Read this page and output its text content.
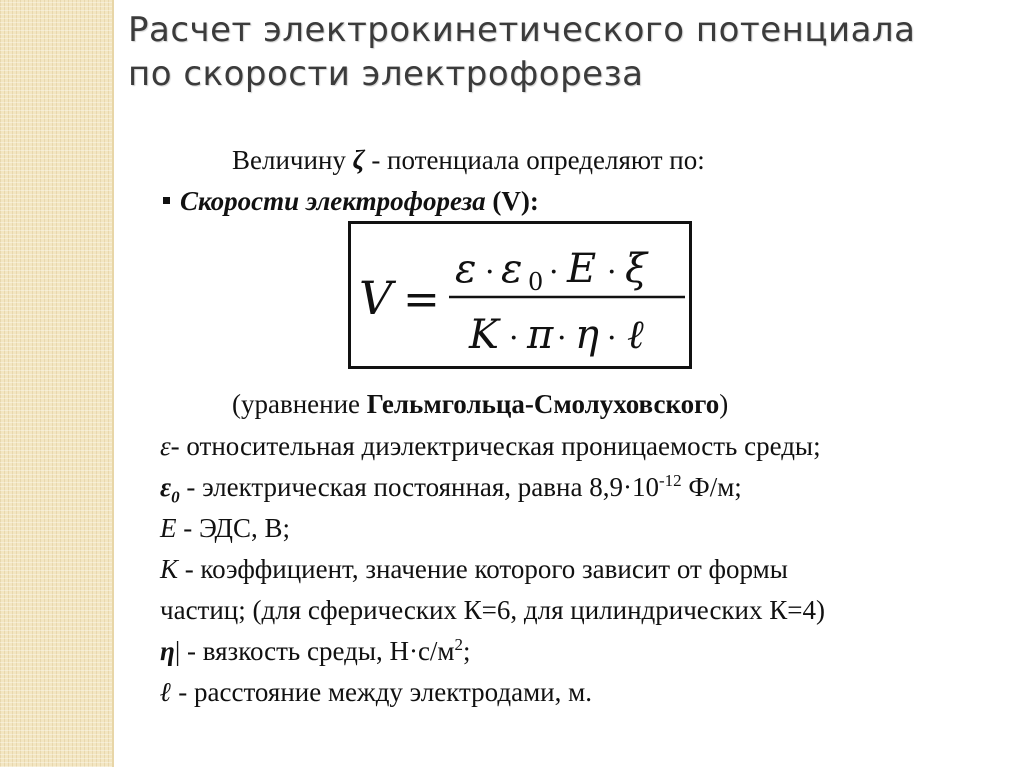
Расчет электрокинетического потенциала
по скорости электрофореза
Величину ζ - потенциала определяют по:
Скорости электрофореза (V):
V =
ε · ε 0 · E · ξ
K · π · η · ℓ
(уравнение Гельмгольца-Смолуховского)
ε- относительная диэлектрическая проницаемость среды;
$\varepsilon_0$ - электрическая постоянная, равна $8,9\cdot 10^{-12}$ Ф/м;
E - ЭДС, В;
К - коэффициент, значение которого зависит от формы
частиц; (для сферических К=6, для цилиндрических К=4)
η| - вязкость среды, $Н\cdot с/м^2$;
ℓ - расстояние между электродами, м.
